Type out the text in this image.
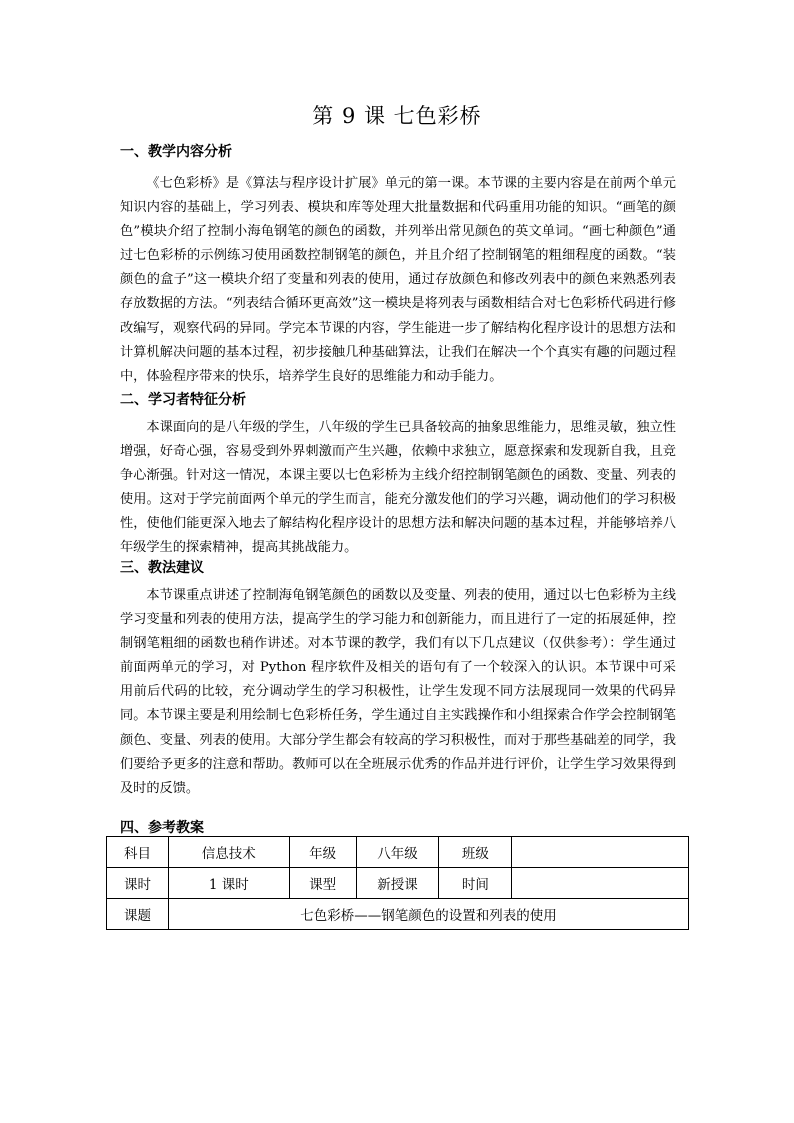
第 9 课 七色彩桥
一、教学内容分析
《七色彩桥》是《算法与程序设计扩展》单元的第一课。本节课的主要内容是在前两个单元知识内容的基础上，学习列表、模块和库等处理大批量数据和代码重用功能的知识。“画笔的颜色”模块介绍了控制小海龟钢笔的颜色的函数，并列举出常见颜色的英文单词。“画七种颜色”通过七色彩桥的示例练习使用函数控制钢笔的颜色，并且介绍了控制钢笔的粗细程度的函数。“装颜色的盒子”这一模块介绍了变量和列表的使用，通过存放颜色和修改列表中的颜色来熟悉列表存放数据的方法。“列表结合循环更高效”这一模块是将列表与函数相结合对七色彩桥代码进行修改编写，观察代码的异同。学完本节课的内容，学生能进一步了解结构化程序设计的思想方法和计算机解决问题的基本过程，初步接触几种基础算法，让我们在解决一个个真实有趣的问题过程中，体验程序带来的快乐，培养学生良好的思维能力和动手能力。
二、学习者特征分析
本课面向的是八年级的学生，八年级的学生已具备较高的抽象思维能力，思维灵敏，独立性增强，好奇心强，容易受到外界刺激而产生兴趣，依赖中求独立，愿意探索和发现新自我，且竞争心渐强。针对这一情况，本课主要以七色彩桥为主线介绍控制钢笔颜色的函数、变量、列表的使用。这对于学完前面两个单元的学生而言，能充分激发他们的学习兴趣，调动他们的学习积极性，使他们能更深入地去了解结构化程序设计的思想方法和解决问题的基本过程，并能够培养八年级学生的探索精神，提高其挑战能力。
三、教法建议
本节课重点讲述了控制海龟钢笔颜色的函数以及变量、列表的使用，通过以七色彩桥为主线学习变量和列表的使用方法，提高学生的学习能力和创新能力，而且进行了一定的拓展延伸，控制钢笔粗细的函数也稍作讲述。对本节课的教学，我们有以下几点建议（仅供参考）：学生通过前面两单元的学习，对 Python 程序软件及相关的语句有了一个较深入的认识。本节课中可采用前后代码的比较，充分调动学生的学习积极性，让学生发现不同方法展现同一效果的代码异同。本节课主要是利用绘制七色彩桥任务，学生通过自主实践操作和小组探索合作学会控制钢笔颜色、变量、列表的使用。大部分学生都会有较高的学习积极性，而对于那些基础差的同学，我们要给予更多的注意和帮助。教师可以在全班展示优秀的作品并进行评价，让学生学习效果得到及时的反馈。
四、参考教案
科目	信息技术	年级	八年级	班级	
课时	1 课时	课型	新授课	时间	
课题	七色彩桥——钢笔颜色的设置和列表的使用				
